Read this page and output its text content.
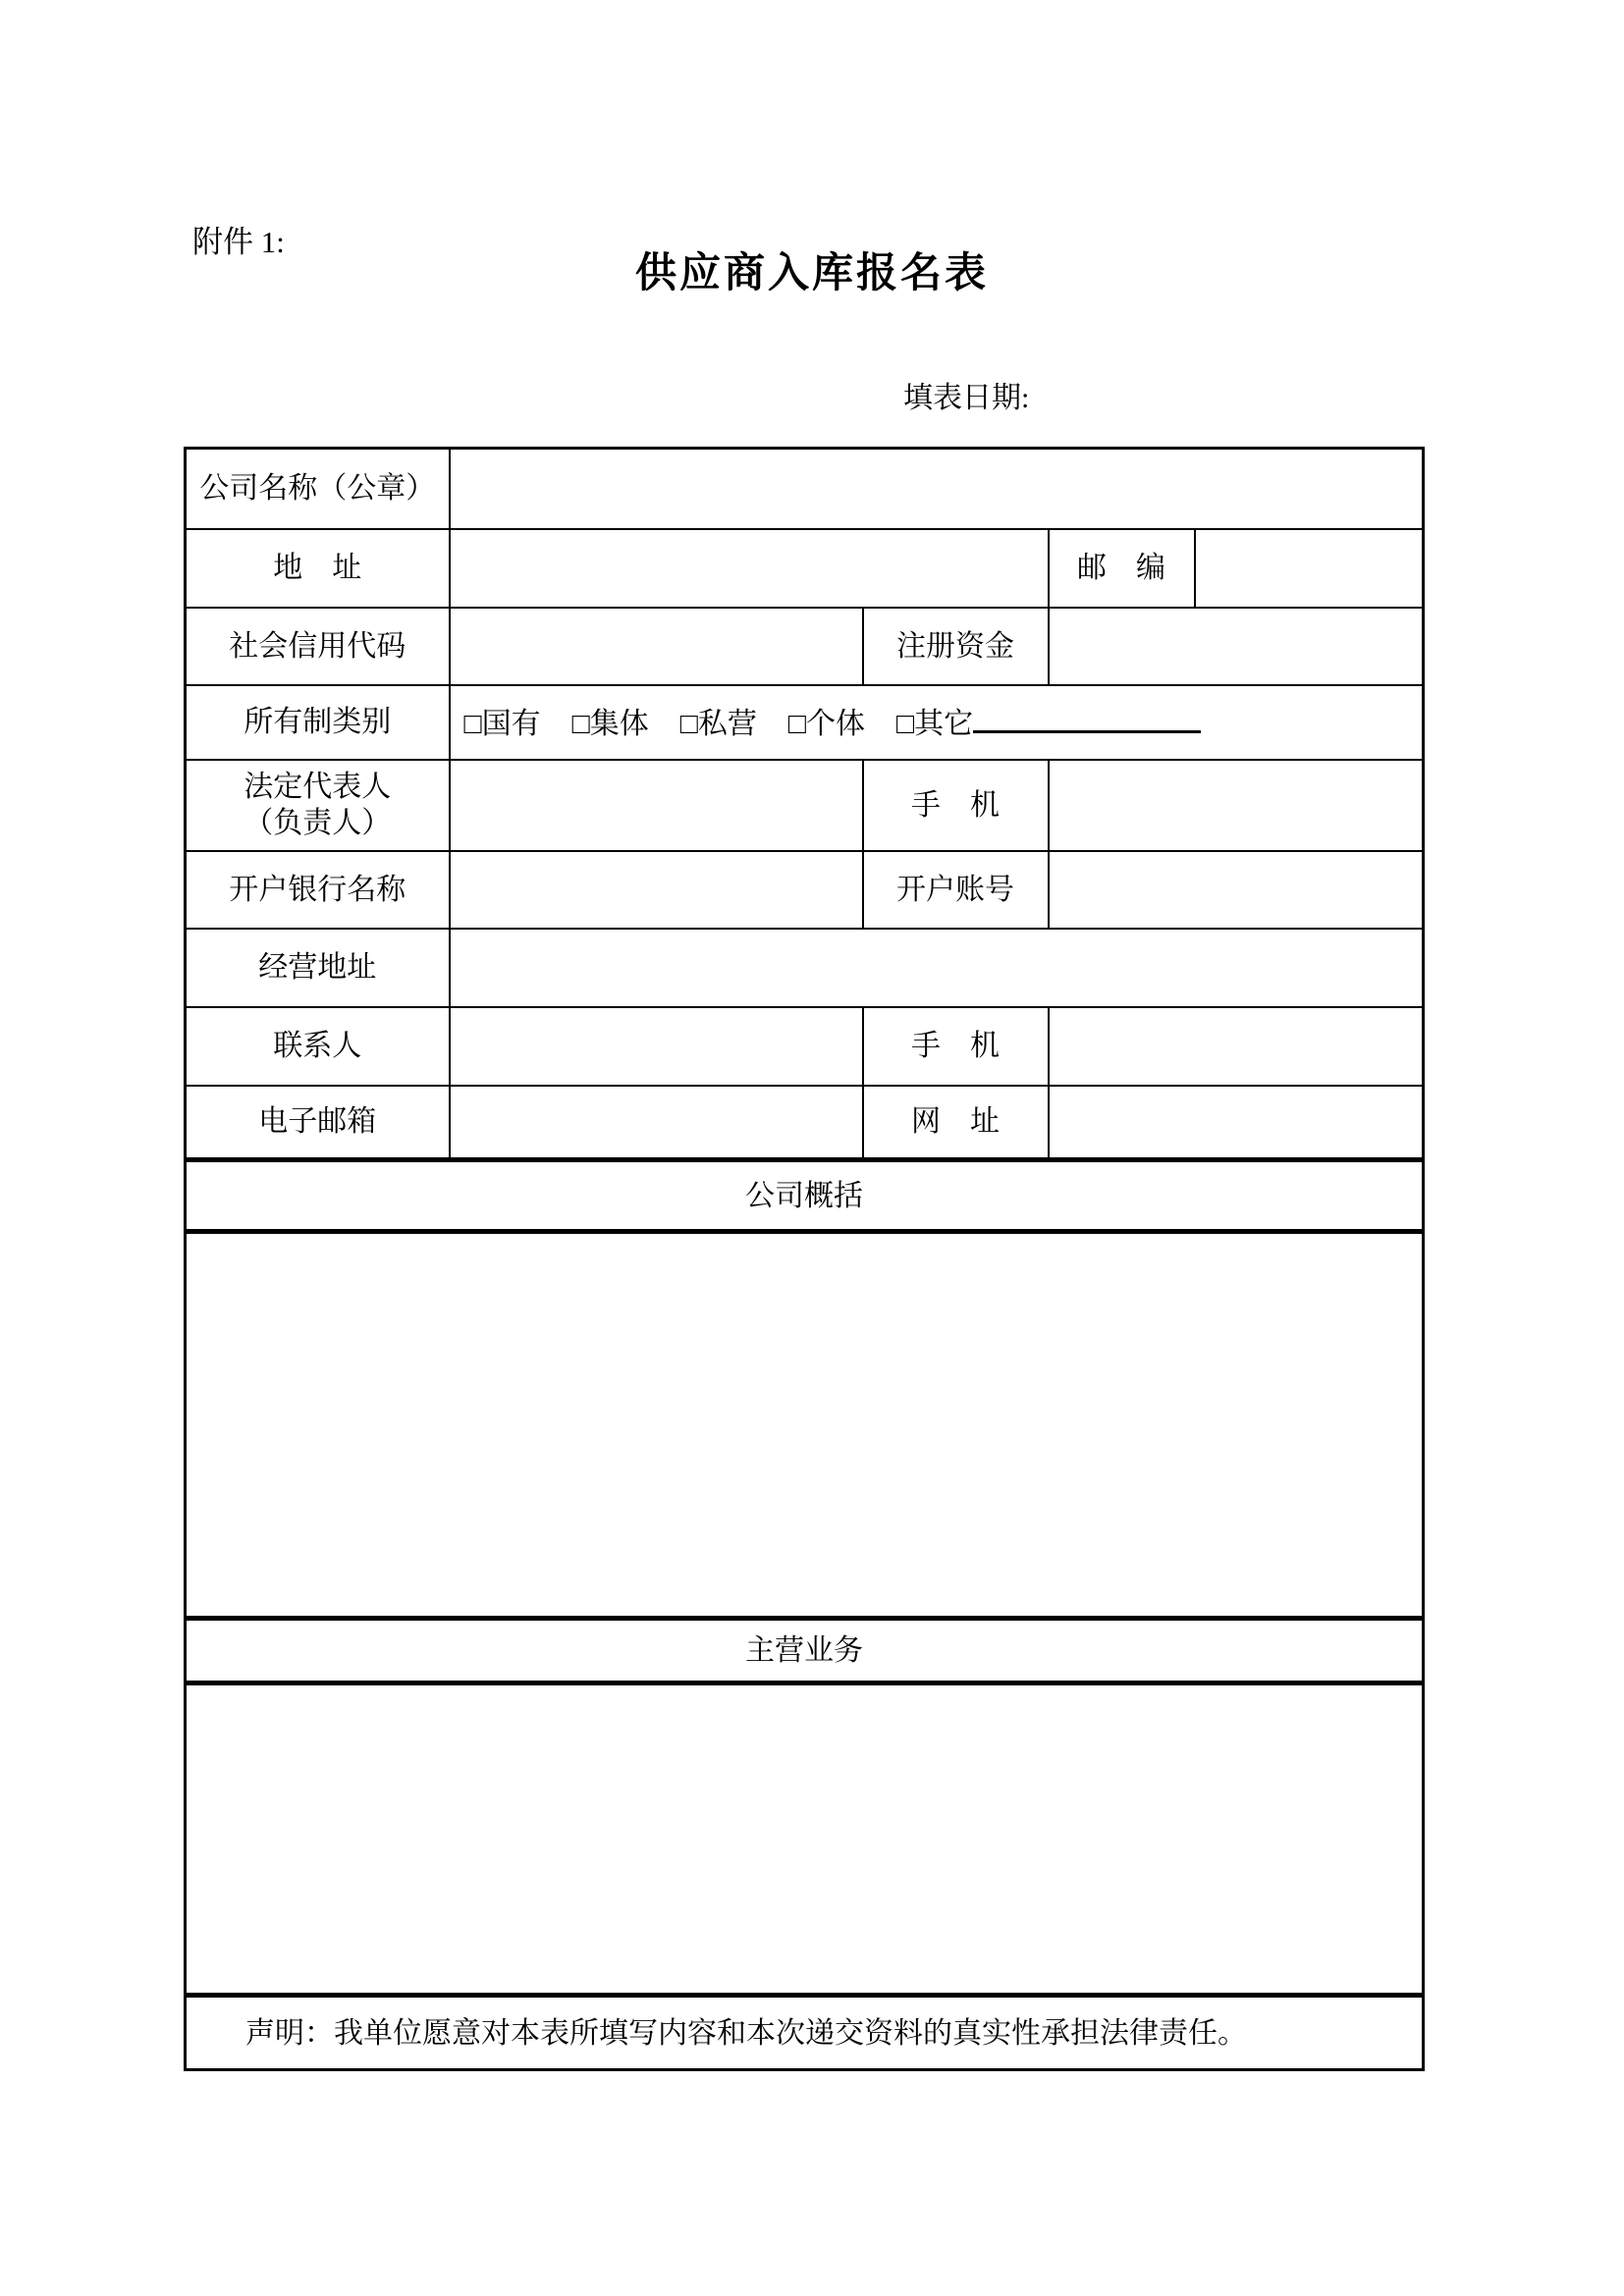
附件 1:
供应商入库报名表
填表日期:
公司名称（公章）				
地　址			邮　编	
社会信用代码		注册资金		
所有制类别	□国有 □集体 □私营 □个体 □其它			

法定代表人
（负责人）		手　机		
开户银行名称		开户账号		
经营地址				
联系人		手　机		
电子邮箱		网　址		
公司概括				

主营业务				

声明：我单位愿意对本表所填写内容和本次递交资料的真实性承担法律责任。				
